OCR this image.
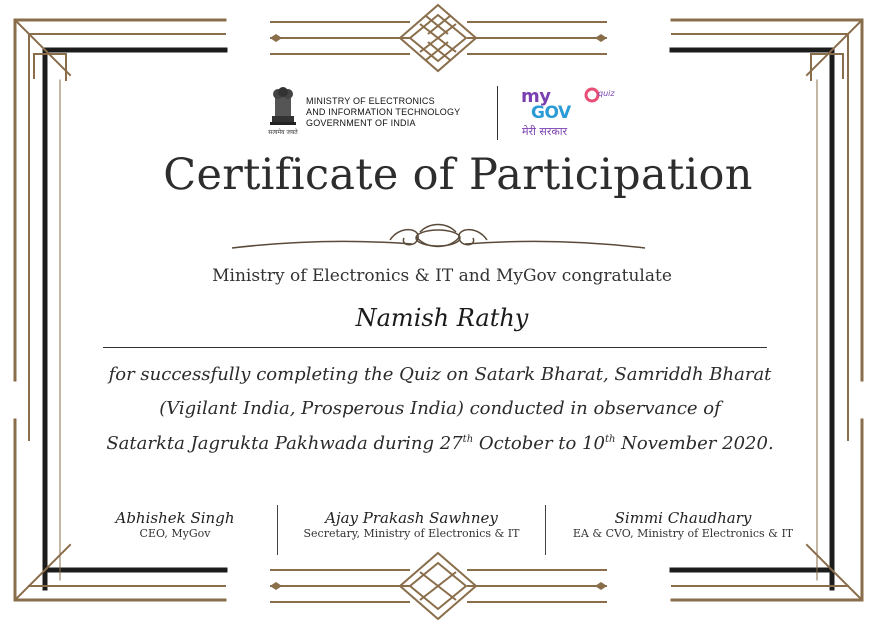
सत्यमेव जयते
MINISTRY OF ELECTRONICS
AND INFORMATION TECHNOLOGY
GOVERNMENT OF INDIA
my
GOV
quiz
मेरी सरकार
Certificate of Participation
Ministry of Electronics & IT and MyGov congratulate
Namish Rathy
for successfully completing the Quiz on Satark Bharat, Samriddh Bharat
(Vigilant India, Prosperous India) conducted in observance of
Satarkta Jagrukta Pakhwada during 27th October to 10th November 2020.
Abhishek Singh
CEO, MyGov
Ajay Prakash Sawhney
Secretary, Ministry of Electronics & IT
Simmi Chaudhary
EA & CVO, Ministry of Electronics & IT
